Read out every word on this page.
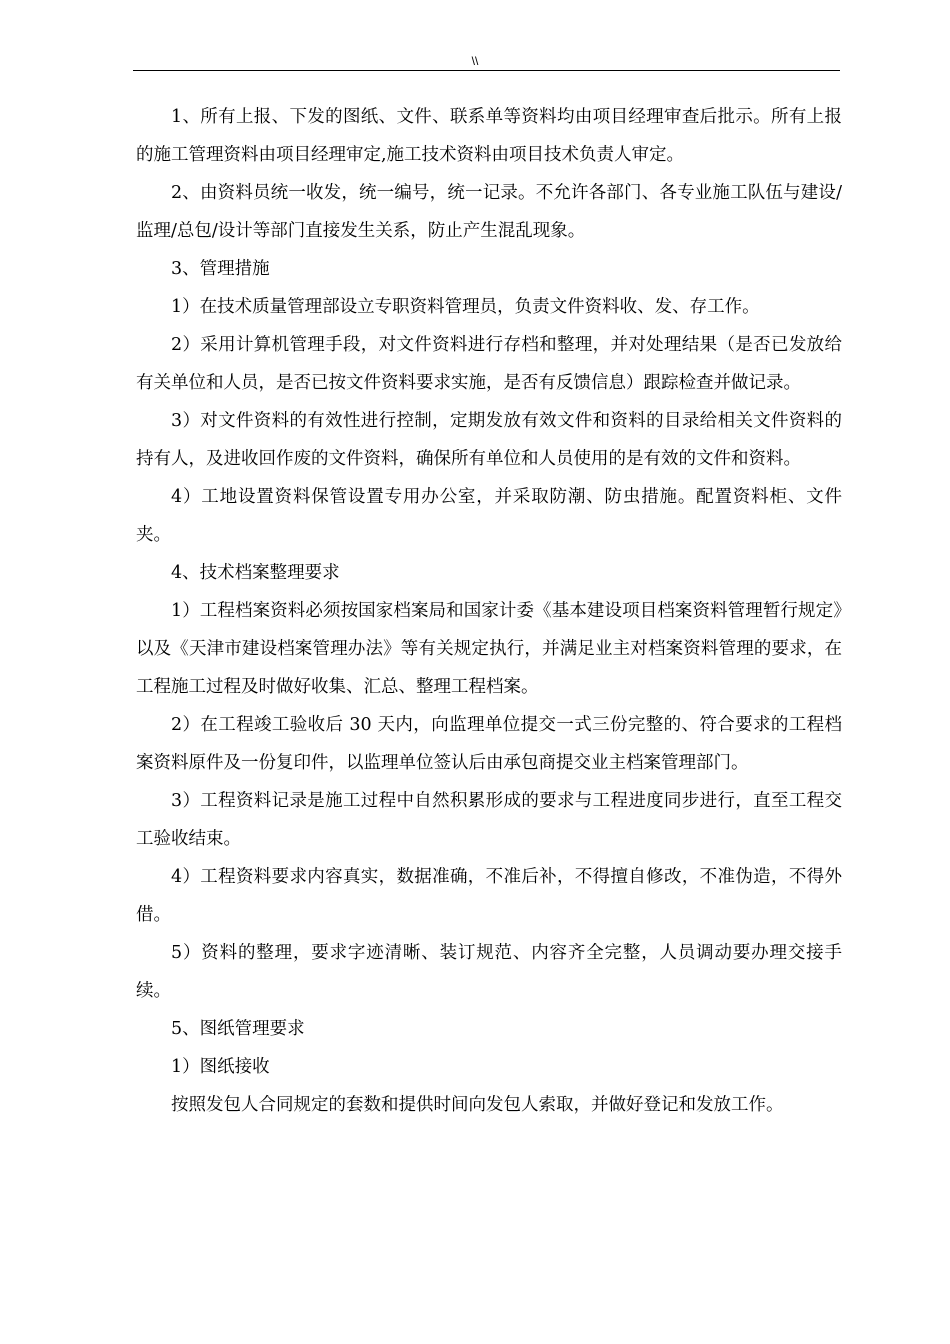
\\

1、所有上报、下发的图纸、文件、联系单等资料均由项目经理审查后批示。所有上报的施工管理资料由项目经理审定,施工技术资料由项目技术负责人审定。

2、由资料员统一收发，统一编号，统一记录。不允许各部门、各专业施工队伍与建设/监理/总包/设计等部门直接发生关系，防止产生混乱现象。

3、管理措施

1）在技术质量管理部设立专职资料管理员，负责文件资料收、发、存工作。

2）采用计算机管理手段，对文件资料进行存档和整理，并对处理结果（是否已发放给有关单位和人员，是否已按文件资料要求实施，是否有反馈信息）跟踪检查并做记录。

3）对文件资料的有效性进行控制，定期发放有效文件和资料的目录给相关文件资料的持有人，及进收回作废的文件资料，确保所有单位和人员使用的是有效的文件和资料。

4）工地设置资料保管设置专用办公室，并采取防潮、防虫措施。配置资料柜、文件夹。

4、技术档案整理要求

1）工程档案资料必须按国家档案局和国家计委《基本建设项目档案资料管理暂行规定》以及《天津市建设档案管理办法》等有关规定执行，并满足业主对档案资料管理的要求，在工程施工过程及时做好收集、汇总、整理工程档案。

2）在工程竣工验收后 30 天内，向监理单位提交一式三份完整的、符合要求的工程档案资料原件及一份复印件，以监理单位签认后由承包商提交业主档案管理部门。

3）工程资料记录是施工过程中自然积累形成的要求与工程进度同步进行，直至工程交工验收结束。

4）工程资料要求内容真实，数据准确，不准后补，不得擅自修改，不准伪造，不得外借。

5）资料的整理，要求字迹清晰、装订规范、内容齐全完整，人员调动要办理交接手续。

5、图纸管理要求

1）图纸接收

按照发包人合同规定的套数和提供时间向发包人索取，并做好登记和发放工作。
